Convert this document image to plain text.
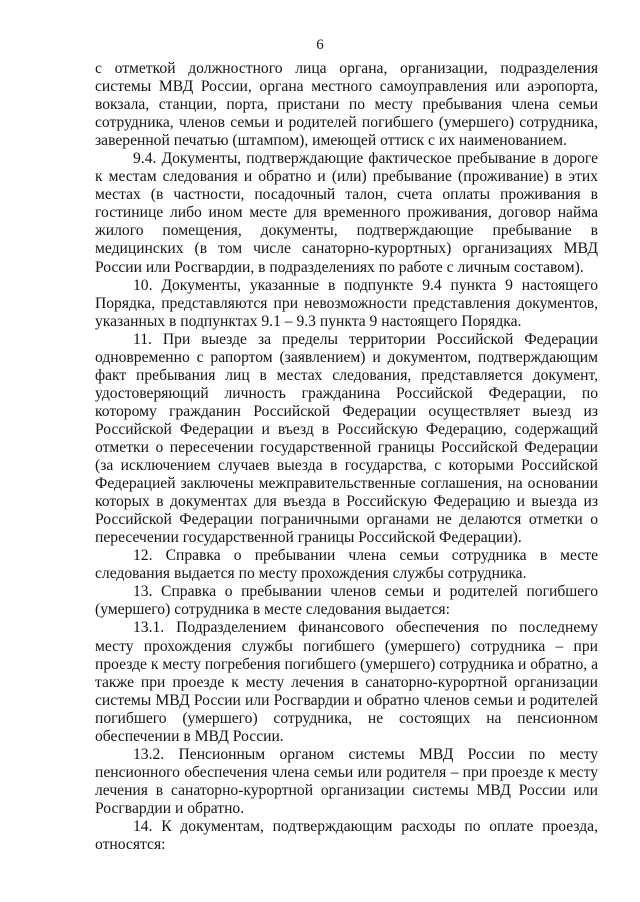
6

с отметкой должностного лица органа, организации, подразделения системы МВД России, органа местного самоуправления или аэропорта, вокзала, станции, порта, пристани по месту пребывания члена семьи сотрудника, членов семьи и родителей погибшего (умершего) сотрудника, заверенной печатью (штампом), имеющей оттиск с их наименованием.

9.4. Документы, подтверждающие фактическое пребывание в дороге к местам следования и обратно и (или) пребывание (проживание) в этих местах (в частности, посадочный талон, счета оплаты проживания в гостинице либо ином месте для временного проживания, договор найма жилого помещения, документы, подтверждающие пребывание в медицинских (в том числе санаторно-курортных) организациях МВД России или Росгвардии, в подразделениях по работе с личным составом).

10. Документы, указанные в подпункте 9.4 пункта 9 настоящего Порядка, представляются при невозможности представления документов, указанных в подпунктах 9.1 – 9.3 пункта 9 настоящего Порядка.

11. При выезде за пределы территории Российской Федерации одновременно с рапортом (заявлением) и документом, подтверждающим факт пребывания лиц в местах следования, представляется документ, удостоверяющий личность гражданина Российской Федерации, по которому гражданин Российской Федерации осуществляет выезд из Российской Федерации и въезд в Российскую Федерацию, содержащий отметки о пересечении государственной границы Российской Федерации (за исключением случаев выезда в государства, с которыми Российской Федерацией заключены межправительственные соглашения, на основании которых в документах для въезда в Российскую Федерацию и выезда из Российской Федерации пограничными органами не делаются отметки о пересечении государственной границы Российской Федерации).

12. Справка о пребывании члена семьи сотрудника в месте следования выдается по месту прохождения службы сотрудника.

13. Справка о пребывании членов семьи и родителей погибшего (умершего) сотрудника в месте следования выдается:

13.1. Подразделением финансового обеспечения по последнему месту прохождения службы погибшего (умершего) сотрудника – при проезде к месту погребения погибшего (умершего) сотрудника и обратно, а также при проезде к месту лечения в санаторно-курортной организации системы МВД России или Росгвардии и обратно членов семьи и родителей погибшего (умершего) сотрудника, не состоящих на пенсионном обеспечении в МВД России.

13.2. Пенсионным органом системы МВД России по месту пенсионного обеспечения члена семьи или родителя – при проезде к месту лечения в санаторно-курортной организации системы МВД России или Росгвардии и обратно.

14. К документам, подтверждающим расходы по оплате проезда, относятся:
